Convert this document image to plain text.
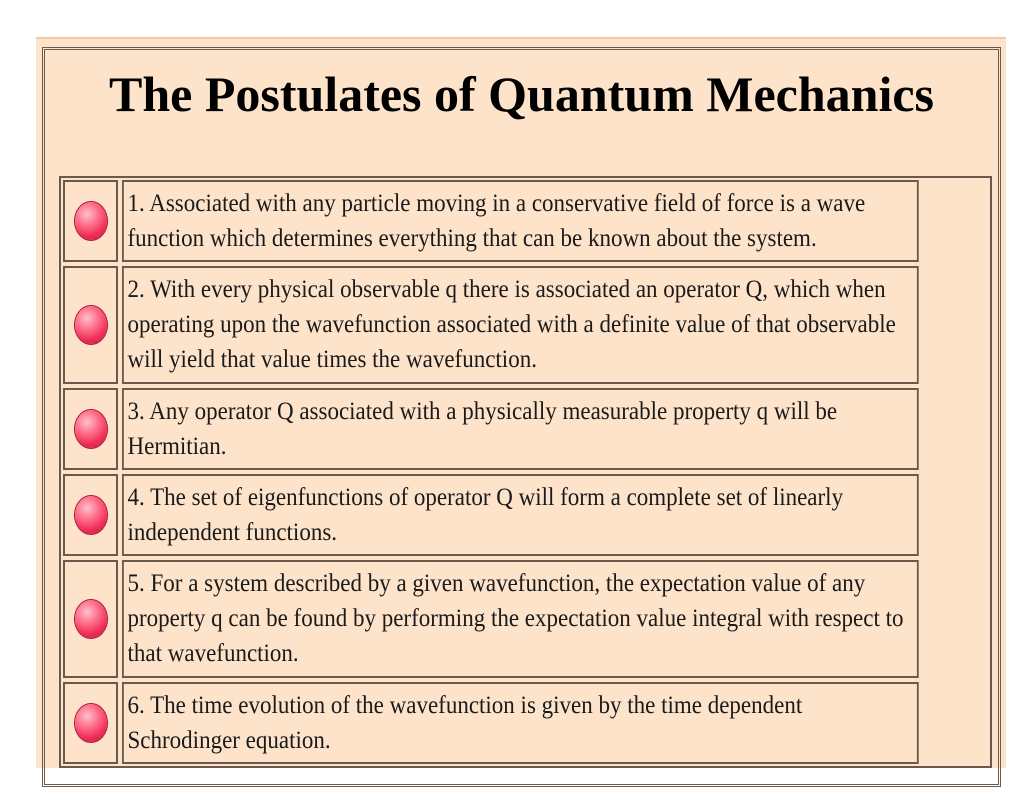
The Postulates of Quantum Mechanics
1. Associated with any particle moving in a conservative field of force is a wave function which determines everything that can be known about the system.
2. With every physical observable q there is associated an operator Q, which when operating upon the wavefunction associated with a definite value of that observable will yield that value times the wavefunction.
3. Any operator Q associated with a physically measurable property q will be Hermitian.
4. The set of eigenfunctions of operator Q will form a complete set of linearly independent functions.
5. For a system described by a given wavefunction, the expectation value of any property q can be found by performing the expectation value integral with respect to that wavefunction.
6. The time evolution of the wavefunction is given by the time dependent Schrodinger equation.
